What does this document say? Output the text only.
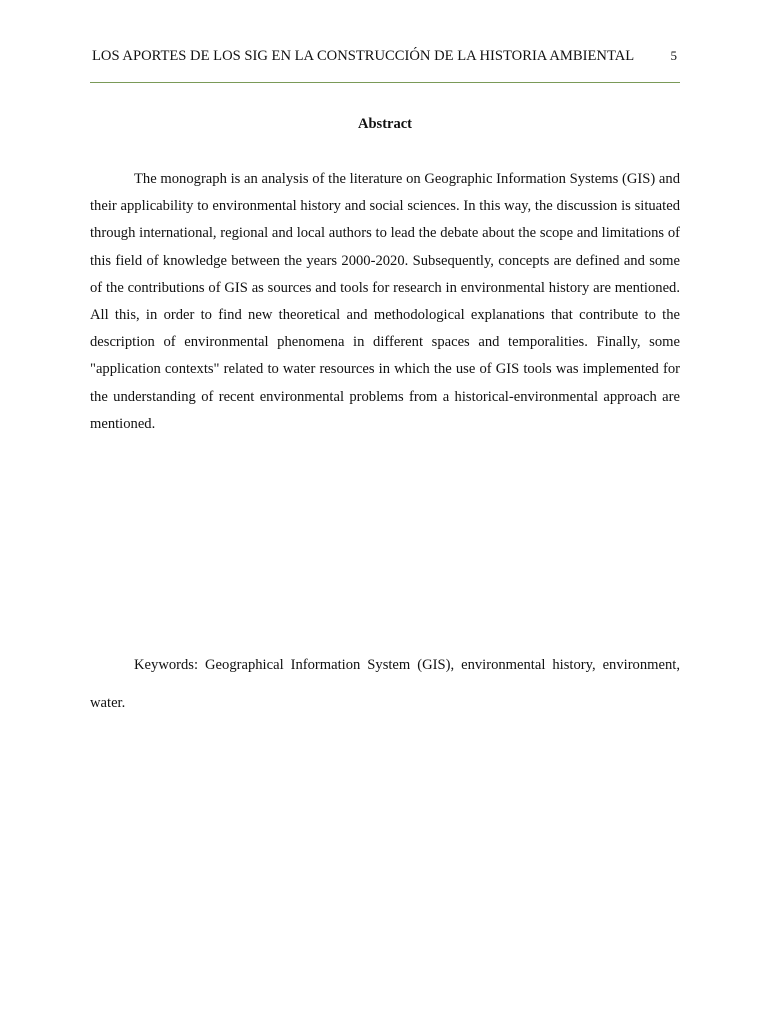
LOS APORTES DE LOS SIG EN LA CONSTRUCCIÓN DE LA HISTORIA AMBIENTAL	5
Abstract

The monograph is an analysis of the literature on Geographic Information Systems (GIS) and their applicability to environmental history and social sciences. In this way, the discussion is situated through international, regional and local authors to lead the debate about the scope and limitations of this field of knowledge between the years 2000-2020. Subsequently, concepts are defined and some of the contributions of GIS as sources and tools for research in environmental history are mentioned. All this, in order to find new theoretical and methodological explanations that contribute to the description of environmental phenomena in different spaces and temporalities. Finally, some "application contexts" related to water resources in which the use of GIS tools was implemented for the understanding of recent environmental problems from a historical-environmental approach are mentioned.

Keywords: Geographical Information System (GIS), environmental history, environment, water.
